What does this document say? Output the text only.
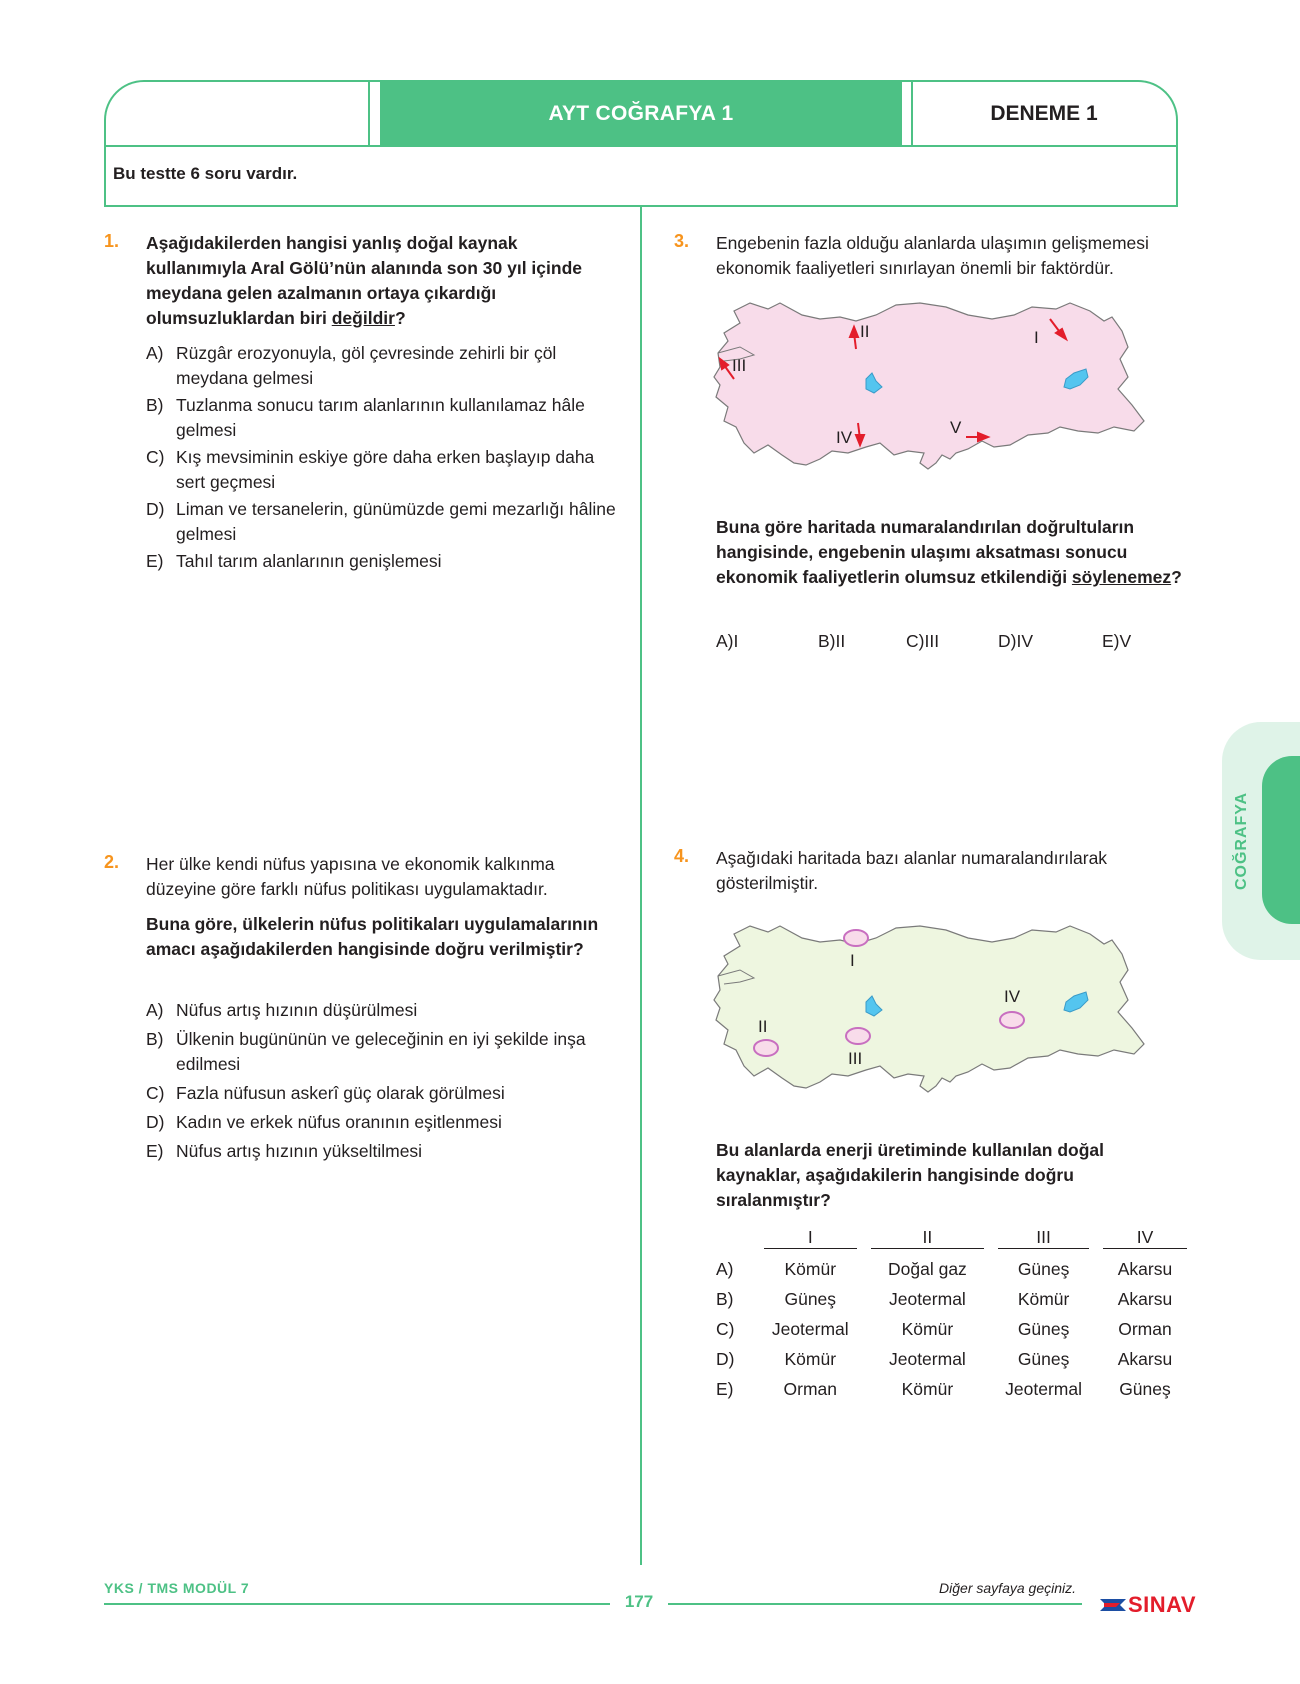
AYT COĞRAFYA 1	DENEME 1
Bu testte 6 soru vardır.
1. Aşağıdakilerden hangisi yanlış doğal kaynak kullanımıyla Aral Gölü’nün alanında son 30 yıl içinde meydana gelen azalmanın ortaya çıkardığı olumsuzluklardan biri değildir?
A) Rüzgâr erozyonuyla, göl çevresinde zehirli bir çöl meydana gelmesi
B) Tuzlanma sonucu tarım alanlarının kullanılamaz hâle gelmesi
C) Kış mevsiminin eskiye göre daha erken başlayıp daha sert geçmesi
D) Liman ve tersanelerin, günümüzde gemi mezarlığı hâline gelmesi
E) Tahıl tarım alanlarının genişlemesi
2. Her ülke kendi nüfus yapısına ve ekonomik kalkınma düzeyine göre farklı nüfus politikası uygulamaktadır.
Buna göre, ülkelerin nüfus politikaları uygulamalarının amacı aşağıdakilerden hangisinde doğru verilmiştir?
A) Nüfus artış hızının düşürülmesi
B) Ülkenin bugününün ve geleceğinin en iyi şekilde inşa edilmesi
C) Fazla nüfusun askerî güç olarak görülmesi
D) Kadın ve erkek nüfus oranının eşitlenmesi
E) Nüfus artış hızının yükseltilmesi
3. Engebenin fazla olduğu alanlarda ulaşımın gelişmemesi ekonomik faaliyetleri sınırlayan önemli bir faktördür.
I
II
III
IV
V
Buna göre haritada numaralandırılan doğrultuların hangisinde, engebenin ulaşımı aksatması sonucu ekonomik faaliyetlerin olumsuz etkilendiği söylenemez?
A) I	B) II	C) III	D) IV	E) V
4. Aşağıdaki haritada bazı alanlar numaralandırılarak gösterilmiştir.
I
II
III
IV
Bu alanlarda enerji üretiminde kullanılan doğal kaynaklar, aşağıdakilerin hangisinde doğru sıralanmıştır?

	I	II	III	IV

A)	Kömür	Doğal gaz	Güneş	Akarsu
B)	Güneş	Jeotermal	Kömür	Akarsu
C)	Jeotermal	Kömür	Güneş	Orman
D)	Kömür	Jeotermal	Güneş	Akarsu
E)	Orman	Kömür	Jeotermal	Güneş
COĞRAFYA
YKS / TMS MODÜL 7
177
Diğer sayfaya geçiniz.
SINAV
